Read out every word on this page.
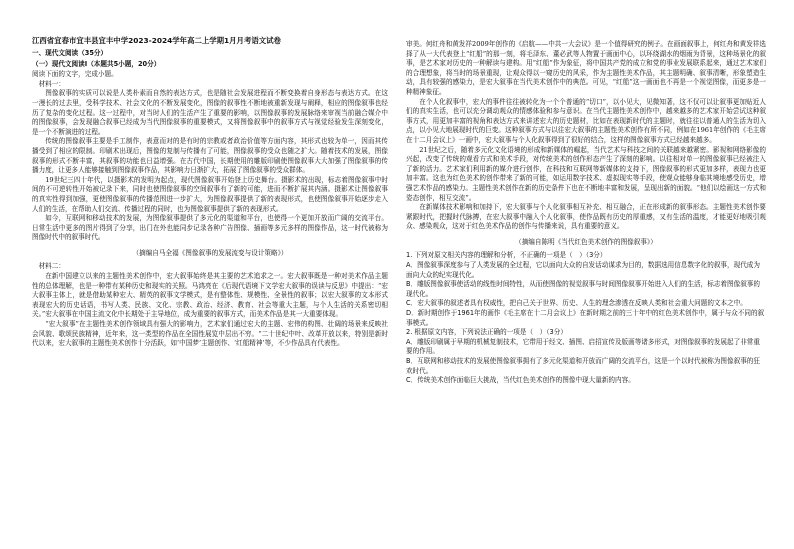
江西省宜春市宜丰县宜丰中学2023-2024学年高二上学期1月月考语文试卷
一、现代文阅读（35分）
（一）现代文阅读Ⅰ（本题共5小题，20分）
阅读下面的文字，完成小题。
材料一：

图像叙事的实质可以说是人类朴素而自然的表达方式，也是随社会发展进程而不断变换着自身形态与表达方式。在这一漫长的过去里，受科学技术、社会文化的不断发展变化，图像的叙事性不断地被重新发现与阐释，相应的图像叙事也经历了复杂的变化过程。这一过程中，对当时人们的生活产生了重要的影响，以图像叙事的发展脉络来审视当前融合媒介中的图像叙事，会发现融合叙事已经成为当代图像叙事的重要模式，又将图像叙事中的叙事方式与视觉经验发生深刻变化，是一个不断演进的过程。

传统的图像叙事主要是手工制作，表意而对的是有时的宗教或者政治价值等方面内容，其形式也较为单一，因而其传播受到了相应的限制。印刷术出现后，图像的复制与传播有了可能，图像叙事的受众也随之扩大。随着技术的发展，图像叙事的形式不断丰富，其叙事的功能也日益增强。在古代中国，长期使用的雕版印刷使图像叙事大大加强了图像叙事的传播力度，让更多人能够接触到图像叙事作品，其影响力日渐扩大，拓展了图像叙事的受众群体。

19世纪三四十年代，以摄影术的发明为起点，现代图像叙事开始登上历史舞台。摄影术的出现，标志着图像叙事中时间的不可逆转性开始被记录下来，同时也使图像叙事的空间叙事有了新的可能，进而不断扩展其内涵。摄影术让图像叙事的真实性得到加强，更使图像叙事的传播范围进一步扩大，为图像叙事提供了新的表现形式，也使图像叙事开始逐步走入人们的生活，在帮助人们交流、传播过程的同时，也为图像叙事提供了新的表现形式。

如今，互联网和移动技术的发展，为图像叙事提供了多元化的渠道和平台，也使得一个更加开放而广阔的交流平台。日常生活中更多的图片得到了分享，出门在外也能同步记录各种广告图像、插画等多元多样的图像作品，这一时代被称为图像时代中的叙事时代。

（摘编自马全福《图像叙事的发展流变与设计策略》）
材料二：

在新中国建立以来的主题性美术创作中，宏大叙事始终是其主要的艺术追求之一。宏大叙事既是一种对美术作品主题性的总体理解，也是一种带有某种历史和现实的关照。马鸿亮在《后现代语境下文学宏大叙事的误读与反思》中提出：“宏大叙事主体上，就是借助某种宏大、精英的叙事文学模式，是有整体性、规模性、全景性的叙事；以宏大叙事的文本形式表现宏大的历史话语，书写人类、民族、文化、宗教、政治、经济、教育、社会等重大主题，与个人生活的关系密切相关。”宏大叙事在中国主流文化中长期处于主导地位，成为重要的叙事方式，而美术作品是其一大重要体现。

“宏大叙事”在主题性美术创作领域具有强大的影响力，艺术家们通过宏大的主题、宏伟的构图、壮阔的场景来反映社会风貌、歌颂民族精神，近年来，这一类型的作品在全国性展览中层出不穷。“二十世纪中叶、改革开放以来，特别是新时代以来，宏大叙事的主题性美术创作十分活跃，如‘中国梦’主题创作、‘红船精神’等，不少作品具有代表性。

审美。何红舟和黄发祥2009年创作的《启航——中共一大会议》是一个值得研究的例子。在画面叙事上，何红舟和黄发祥选择了从一大代表登上“红船”的那一刻，将毛泽东、董必武等人物置于画面中心，以环绕湖水的烟雨为背景，这种场景化的叙事，是艺术家对历史的一种解读与建构。用“红船”作为象征，将中国共产党的成立和党的事业发展联系起来，通过艺术家们的合理想象，将当时的场景重现，让观众得以一窥历史的风采，作为主题性美术作品，其主题明确、叙事清晰，形象塑造生动，具有较强的感染力，是宏大叙事在当代美术创作中的典范。可见，“红船”这一画面也不再是一个视觉图像，而更多是一种精神象征。

在个人化叙事中，宏大的事件往往被转化为一个个普通的“切口”，以小见大，见微知著，这不仅可以让叙事更加贴近人们的真实生活，也可以充分调动观众的情感体验和参与意识。在当代主题性美术创作中，越来越多的艺术家开始尝试这种叙事方式，用更加丰富的视角和表达方式来讲述宏大的历史题材，比如在表现新时代的主题时，就往往以普通人的生活为切入点，以小见大地展现时代的巨变。这种叙事方式与以往宏大叙事的主题性美术创作有所不同，例如在1961年创作的《毛主席在十二月会议上》一画中，宏大叙事与个人化叙事得到了很好的结合，这样的图像叙事方式已经越来越多。

21世纪之后，随着多元化文化语境的形成和新媒体的崛起，当代艺术与科技之间的关联越来越紧密。影视和网络影像的兴起，改变了传统的观看方式和美术手段，对传统美术的创作形态产生了深刻的影响。以往相对单一的图像叙事已经被注入了新的活力。艺术家们利用新的媒介进行创作，在科技和互联网等新媒体的支持下，图像叙事的形式更加多样，表现力也更加丰富。这也为红色美术的创作带来了新的可能，如运用数字技术、虚拟现实等手段，使观众能够身临其境地感受历史，增强艺术作品的感染力。主题性美术创作在新的历史条件下也在不断地丰富和发展，呈现出新的面貌。“他们以绘画这一方式和姿态创作，相互交流”。

在新媒体技术影响和加持下，宏大叙事与个人化叙事相互补充、相互融合，正在形成新的叙事形态。主题性美术创作要紧跟时代，把握时代脉搏，在宏大叙事中融入个人化叙事，使作品既有历史的厚重感，又有生活的温度，才能更好地吸引观众、感染观众，这对于红色美术作品的创作与传播来说，具有重要的意义。

（摘编自陈明《当代红色美术创作的图像叙事》）
1. 下列对原文相关内容的理解和分析，不正确的一项是（　）（3分）
A．图像叙事深度参与了人类发展的全过程，它以面向大众的自发话动谋求为目的，数据选用信息数字化的叙事，现代成为面向大众的纪实现代化。
B．雕版图像叙事使活动的线性时间特性，从而使图像的视觉叙事与时间图像叙事开始进入人们的生活，标志着图像叙事的现代化。
C．宏大叙事的叙述者具有权威性，把自己关于世界、历史、人生的理念渗透在反映人类和社会重大问题的文本之中。
D．新时期创作于1961年的画作《毛主席在十二月会议上》在新时期之前的三十年中的红色美术创作中，属于与众不同的叙事模式。
2. 根据原文内容，下列说法正确的一项是（　）（3分）
A．雕版印刷属于早期的机械复制技术，它带用于经文、插图、启招宣传及版画等诸多形式，对图像叙事的发展起了非常重要的作用。
B．互联网和移动技术的发展使图像叙事拥有了多元化渠道和开放而广阔的交流平台，这是一个以时代被称为图像叙事的狂欢时代。
C．传统美术创作面临巨大挑战，当代红色美术创作的图像中现大量新的内容。
